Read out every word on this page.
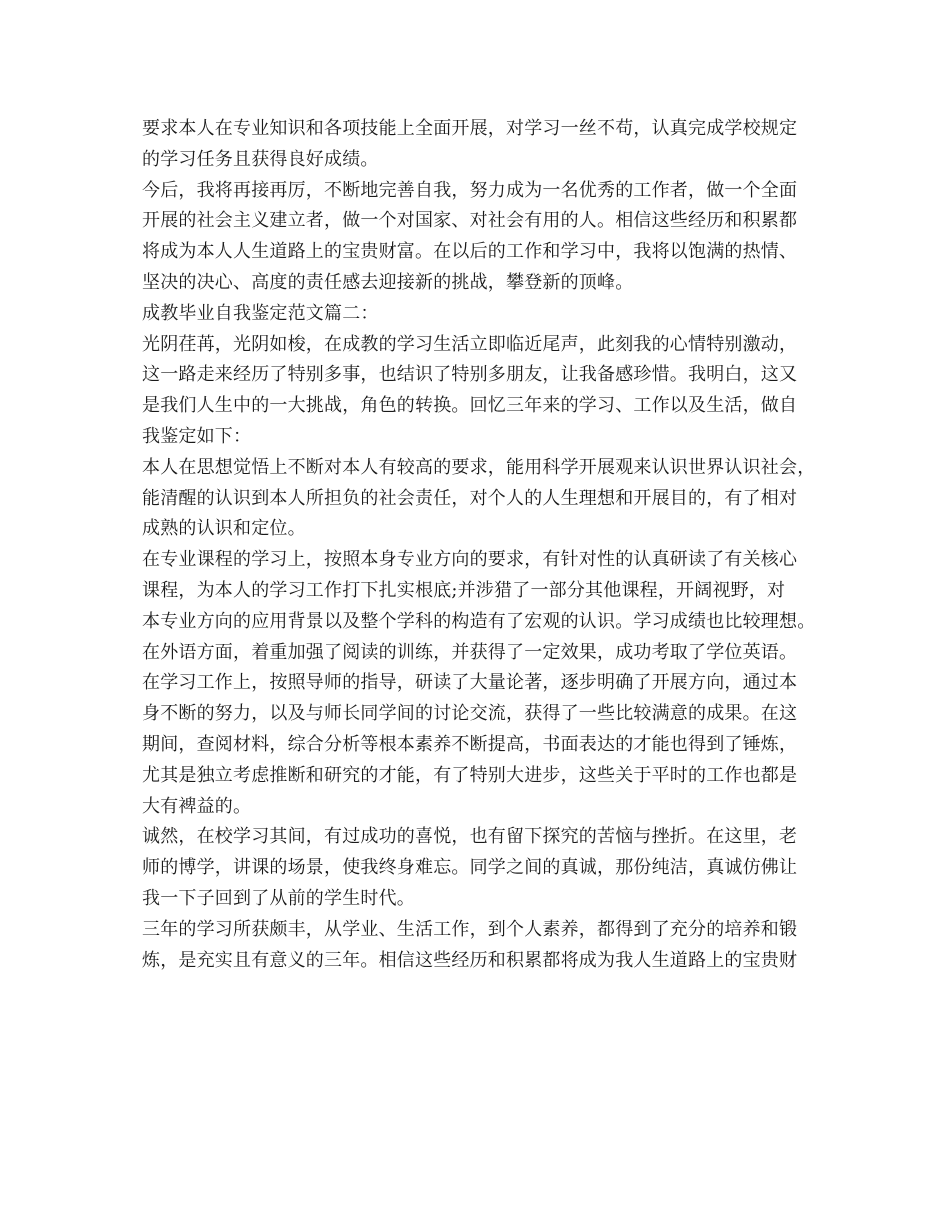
要求本人在专业知识和各项技能上全面开展，对学习一丝不苟，认真完成学校规定
的学习任务且获得良好成绩。
今后，我将再接再厉，不断地完善自我，努力成为一名优秀的工作者，做一个全面
开展的社会主义建立者，做一个对国家、对社会有用的人。相信这些经历和积累都
将成为本人人生道路上的宝贵财富。在以后的工作和学习中，我将以饱满的热情、
坚决的决心、高度的责任感去迎接新的挑战，攀登新的顶峰。
成教毕业自我鉴定范文篇二：
光阴荏苒，光阴如梭，在成教的学习生活立即临近尾声，此刻我的心情特别激动，
这一路走来经历了特别多事，也结识了特别多朋友，让我备感珍惜。我明白，这又
是我们人生中的一大挑战，角色的转换。回忆三年来的学习、工作以及生活，做自
我鉴定如下：
本人在思想觉悟上不断对本人有较高的要求，能用科学开展观来认识世界认识社会，
能清醒的认识到本人所担负的社会责任，对个人的人生理想和开展目的，有了相对
成熟的认识和定位。
在专业课程的学习上，按照本身专业方向的要求，有针对性的认真研读了有关核心
课程，为本人的学习工作打下扎实根底;并涉猎了一部分其他课程，开阔视野，对
本专业方向的应用背景以及整个学科的构造有了宏观的认识。学习成绩也比较理想。
在外语方面，着重加强了阅读的训练，并获得了一定效果，成功考取了学位英语。
在学习工作上，按照导师的指导，研读了大量论著，逐步明确了开展方向，通过本
身不断的努力，以及与师长同学间的讨论交流，获得了一些比较满意的成果。在这
期间，查阅材料，综合分析等根本素养不断提高，书面表达的才能也得到了锤炼，
尤其是独立考虑推断和研究的才能，有了特别大进步，这些关于平时的工作也都是
大有裨益的。
诚然，在校学习其间，有过成功的喜悦，也有留下探究的苦恼与挫折。在这里，老
师的博学，讲课的场景，使我终身难忘。同学之间的真诚，那份纯洁，真诚仿佛让
我一下子回到了从前的学生时代。
三年的学习所获颇丰，从学业、生活工作，到个人素养，都得到了充分的培养和锻
炼，是充实且有意义的三年。相信这些经历和积累都将成为我人生道路上的宝贵财
